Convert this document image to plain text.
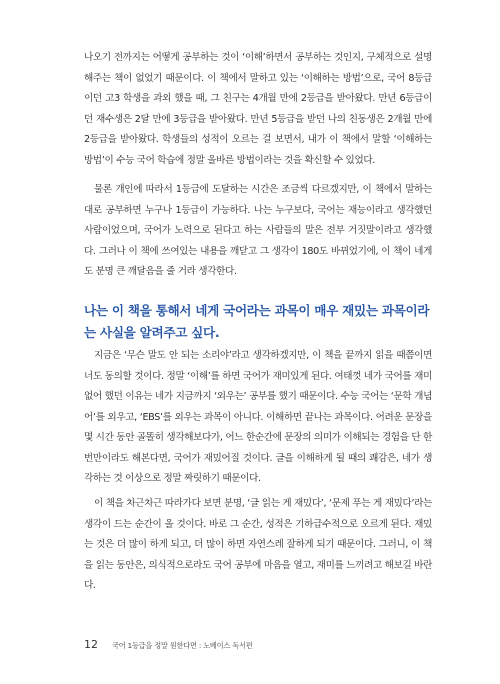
나오기 전까지는 어떻게 공부하는 것이 ‘이해’하면서 공부하는 것인지, 구체적으로 설명해주는 책이 없었기 때문이다. 이 책에서 말하고 있는 ‘이해하는 방법’으로, 국어 8등급이던 고3 학생을 과외 했을 때, 그 친구는 4개월 만에 2등급을 받아왔다. 만년 6등급이던 재수생은 2달 만에 3등급을 받아왔다. 만년 5등급을 받던 나의 친동생은 2개월 만에 2등급을 받아왔다. 학생들의 성적이 오르는 걸 보면서, 내가 이 책에서 말할 ‘이해하는 방법’이 수능 국어 학습에 정말 올바른 방법이라는 것을 확신할 수 있었다.

물론 개인에 따라서 1등급에 도달하는 시간은 조금씩 다르겠지만, 이 책에서 말하는 대로 공부하면 누구나 1등급이 가능하다. 나는 누구보다, 국어는 재능이라고 생각했던 사람이었으며, 국어가 노력으로 된다고 하는 사람들의 말은 전부 거짓말이라고 생각했다. 그러나 이 책에 쓰여있는 내용을 깨닫고 그 생각이 180도 바뀌었기에, 이 책이 네게도 분명 큰 깨달음을 줄 거라 생각한다.

나는 이 책을 통해서 네게 국어라는 과목이 매우 재밌는 과목이라는 사실을 알려주고 싶다.

지금은 ‘무슨 말도 안 되는 소리야’라고 생각하겠지만, 이 책을 끝까지 읽을 때쯤이면 너도 동의할 것이다. 정말 ‘이해’를 하면 국어가 재미있게 된다. 여태껏 네가 국어를 재미없어 했던 이유는 네가 지금까지 ‘외우는’ 공부를 했기 때문이다. 수능 국어는 ‘문학 개념어’를 외우고, ‘EBS’를 외우는 과목이 아니다. 이해하면 끝나는 과목이다. 어려운 문장을 몇 시간 동안 골똘히 생각해보다가, 어느 한순간에 문장의 의미가 이해되는 경험을 단 한 번만이라도 해본다면, 국어가 재밌어질 것이다. 글을 이해하게 될 때의 쾌감은, 네가 생각하는 것 이상으로 정말 짜릿하기 때문이다.

이 책을 차근차근 따라가다 보면 분명, ‘글 읽는 게 재밌다’, ‘문제 푸는 게 재밌다’라는 생각이 드는 순간이 올 것이다. 바로 그 순간, 성적은 기하급수적으로 오르게 된다. 재밌는 것은 더 많이 하게 되고, 더 많이 하면 자연스레 잘하게 되기 때문이다. 그러니, 이 책을 읽는 동안은, 의식적으로라도 국어 공부에 마음을 열고, 재미를 느끼려고 해보길 바란다.

12 국어 1등급을 정말 원한다면 : 노베이스 독서편
